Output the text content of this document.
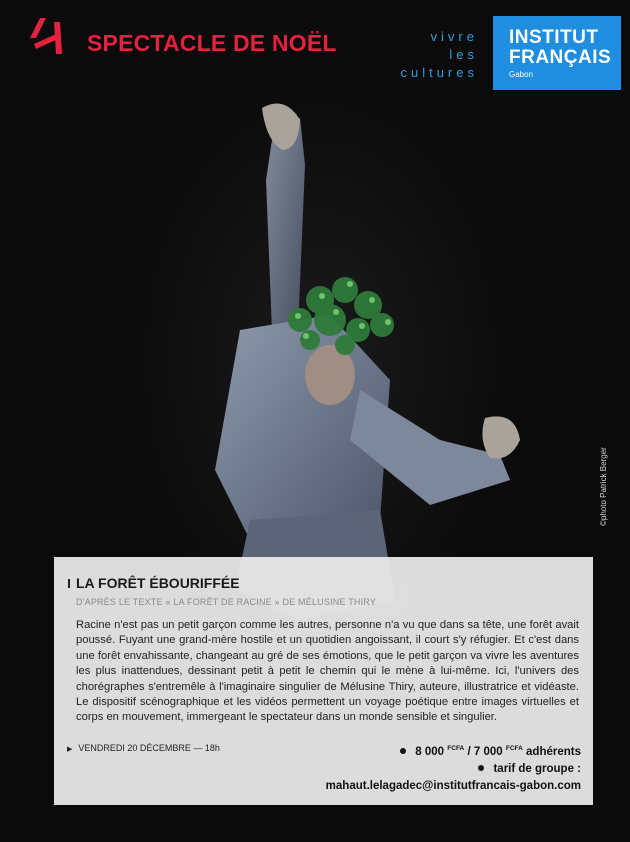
SPECTACLE DE NOËL	vivre
les
cultures
INSTITUT
FRANÇAIS
Gabon
©photo Patrick Berger
LA FORÊT ÉBOURIFFÉE
D'APRÈS LE TEXTE « LA FORÊT DE RACINE » DE MÉLUSINE THIRY
Racine n'est pas un petit garçon comme les autres, personne n'a vu que dans sa tête, une forêt avait poussé. Fuyant une grand-mère hostile et un quotidien angoissant, il court s'y réfugier. Et c'est dans une forêt envahissante, changeant au gré de ses émotions, que le petit garçon va vivre les aventures les plus inattendues, dessinant petit à petit le chemin qui le mène à lui-même. Ici, l'univers des chorégraphes s'entremêle à l'imaginaire singulier de Mélusine Thiry, auteure, illustratrice et vidéaste. Le dispositif scénographique et les vidéos permettent un voyage poétique entre images virtuelles et corps en mouvement, immergeant le spectateur dans un monde sensible et singulier.
▶ VENDREDI 20 DÉCEMBRE — 18h	8 000 $^{FCFA}$ / 7 000 $^{FCFA}$ adhérents
tarif de groupe :
mahaut.lelagadec@institutfrancais-gabon.com
